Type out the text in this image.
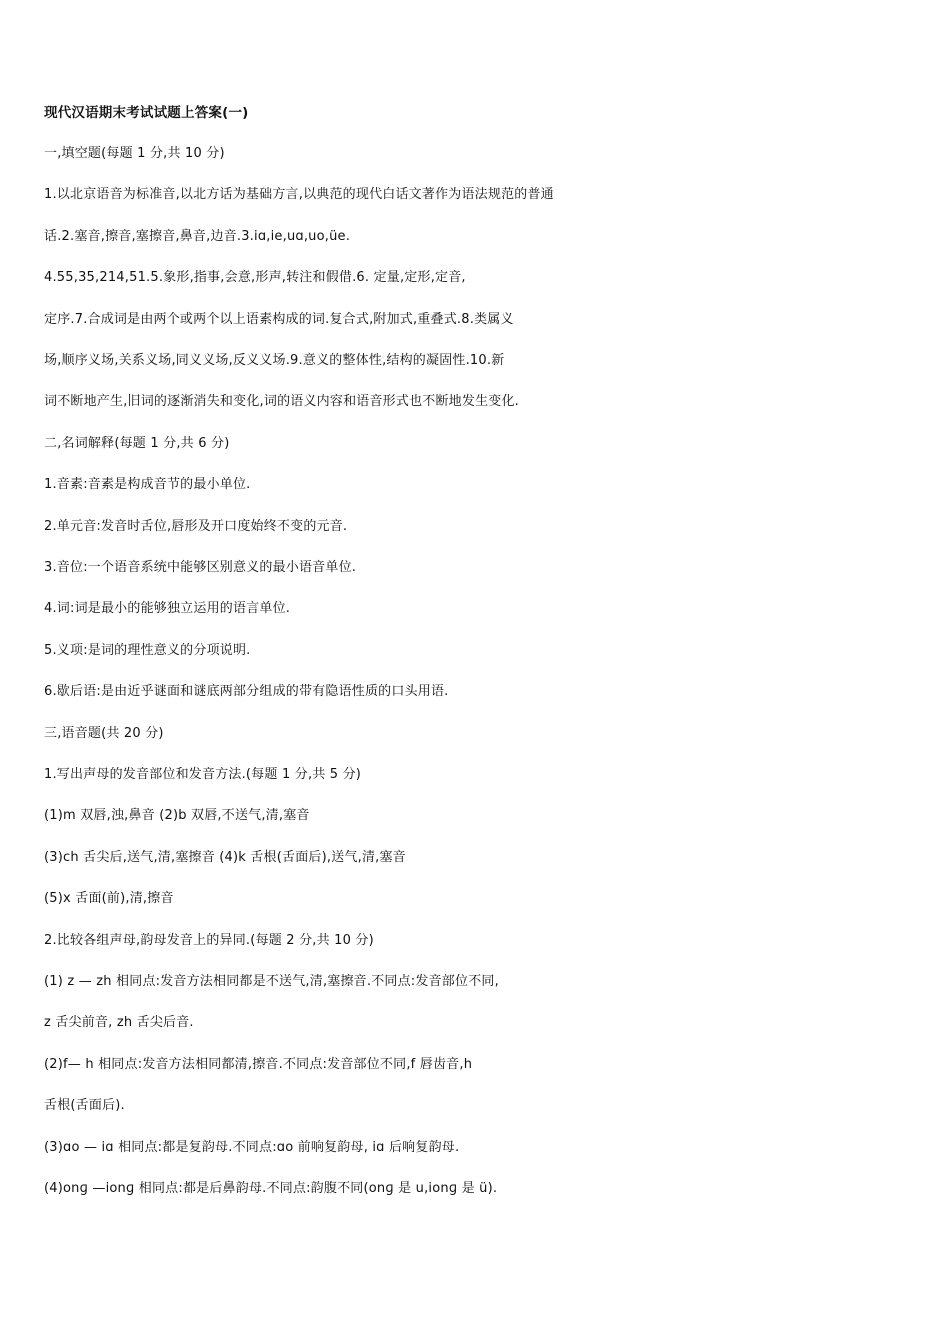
现代汉语期末考试试题上答案(一)
一,填空题(每题 1 分,共 10 分)
1.以北京语音为标准音,以北方话为基础方言,以典范的现代白话文著作为语法规范的普通
话.2.塞音,擦音,塞擦音,鼻音,边音.3.iɑ,ie,uɑ,uo,üe.
4.55,35,214,51.5.象形,指事,会意,形声,转注和假借.6. 定量,定形,定音,
定序.7.合成词是由两个或两个以上语素构成的词.复合式,附加式,重叠式.8.类属义
场,顺序义场,关系义场,同义义场,反义义场.9.意义的整体性,结构的凝固性.10.新
词不断地产生,旧词的逐渐消失和变化,词的语义内容和语音形式也不断地发生变化.
二,名词解释(每题 1 分,共 6 分)
1.音素:音素是构成音节的最小单位.
2.单元音:发音时舌位,唇形及开口度始终不变的元音.
3.音位:一个语音系统中能够区别意义的最小语音单位.
4.词:词是最小的能够独立运用的语言单位.
5.义项:是词的理性意义的分项说明.
6.歇后语:是由近乎谜面和谜底两部分组成的带有隐语性质的口头用语.
三,语音题(共 20 分)
1.写出声母的发音部位和发音方法.(每题 1 分,共 5 分)
(1)m 双唇,浊,鼻音 (2)b 双唇,不送气,清,塞音
(3)ch 舌尖后,送气,清,塞擦音 (4)k 舌根(舌面后),送气,清,塞音
(5)x 舌面(前),清,擦音
2.比较各组声母,韵母发音上的异同.(每题 2 分,共 10 分)
(1) z — zh 相同点:发音方法相同都是不送气,清,塞擦音.不同点:发音部位不同,
z 舌尖前音, zh 舌尖后音.
(2)f— h 相同点:发音方法相同都清,擦音.不同点:发音部位不同,f 唇齿音,h
舌根(舌面后).
(3)ɑo — iɑ 相同点:都是复韵母.不同点:ɑo 前响复韵母, iɑ 后响复韵母.
(4)onɡ —ionɡ 相同点:都是后鼻韵母.不同点:韵腹不同(onɡ 是 u,ionɡ 是 ü).
